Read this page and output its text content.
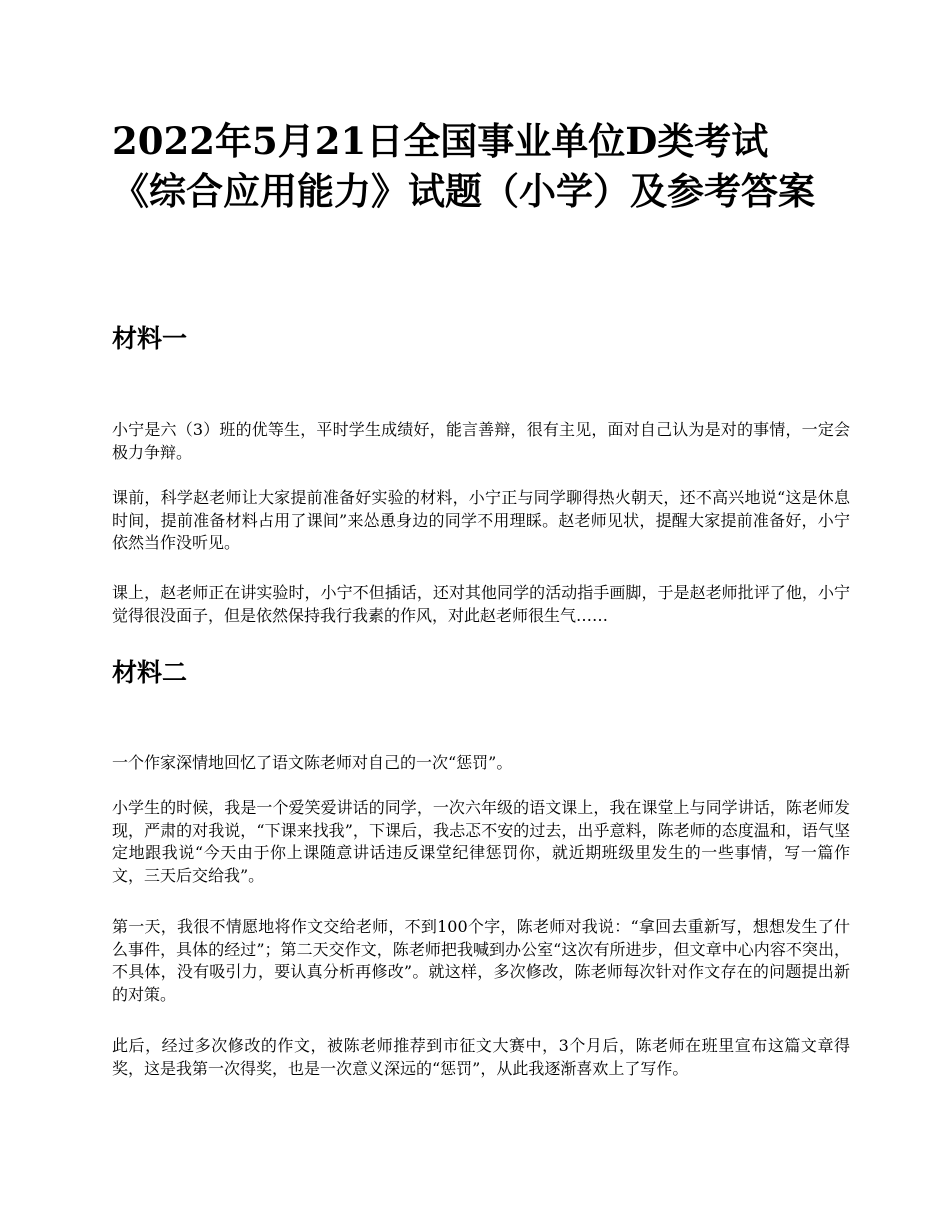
2022年5月21日全国事业单位D类考试
《综合应用能力》试题（小学）及参考答案
材料一

小宁是六（3）班的优等生，平时学生成绩好，能言善辩，很有主见，面对自己认为是对的事情，一定会极力争辩。

课前，科学赵老师让大家提前准备好实验的材料，小宁正与同学聊得热火朝天，还不高兴地说“这是休息时间，提前准备材料占用了课间”来怂恿身边的同学不用理睬。赵老师见状，提醒大家提前准备好，小宁依然当作没听见。

课上，赵老师正在讲实验时，小宁不但插话，还对其他同学的活动指手画脚，于是赵老师批评了他，小宁觉得很没面子，但是依然保持我行我素的作风，对此赵老师很生气……

材料二

一个作家深情地回忆了语文陈老师对自己的一次“惩罚”。

小学生的时候，我是一个爱笑爱讲话的同学，一次六年级的语文课上，我在课堂上与同学讲话，陈老师发现，严肃的对我说，“下课来找我”，下课后，我忐忑不安的过去，出乎意料，陈老师的态度温和，语气坚定地跟我说“今天由于你上课随意讲话违反课堂纪律惩罚你，就近期班级里发生的一些事情，写一篇作文，三天后交给我”。

第一天，我很不情愿地将作文交给老师，不到100个字，陈老师对我说：“拿回去重新写，想想发生了什么事件，具体的经过”；第二天交作文，陈老师把我喊到办公室“这次有所进步，但文章中心内容不突出，不具体，没有吸引力，要认真分析再修改”。就这样，多次修改，陈老师每次针对作文存在的问题提出新的对策。

此后，经过多次修改的作文，被陈老师推荐到市征文大赛中，3个月后，陈老师在班里宣布这篇文章得奖，这是我第一次得奖，也是一次意义深远的“惩罚”，从此我逐渐喜欢上了写作。
